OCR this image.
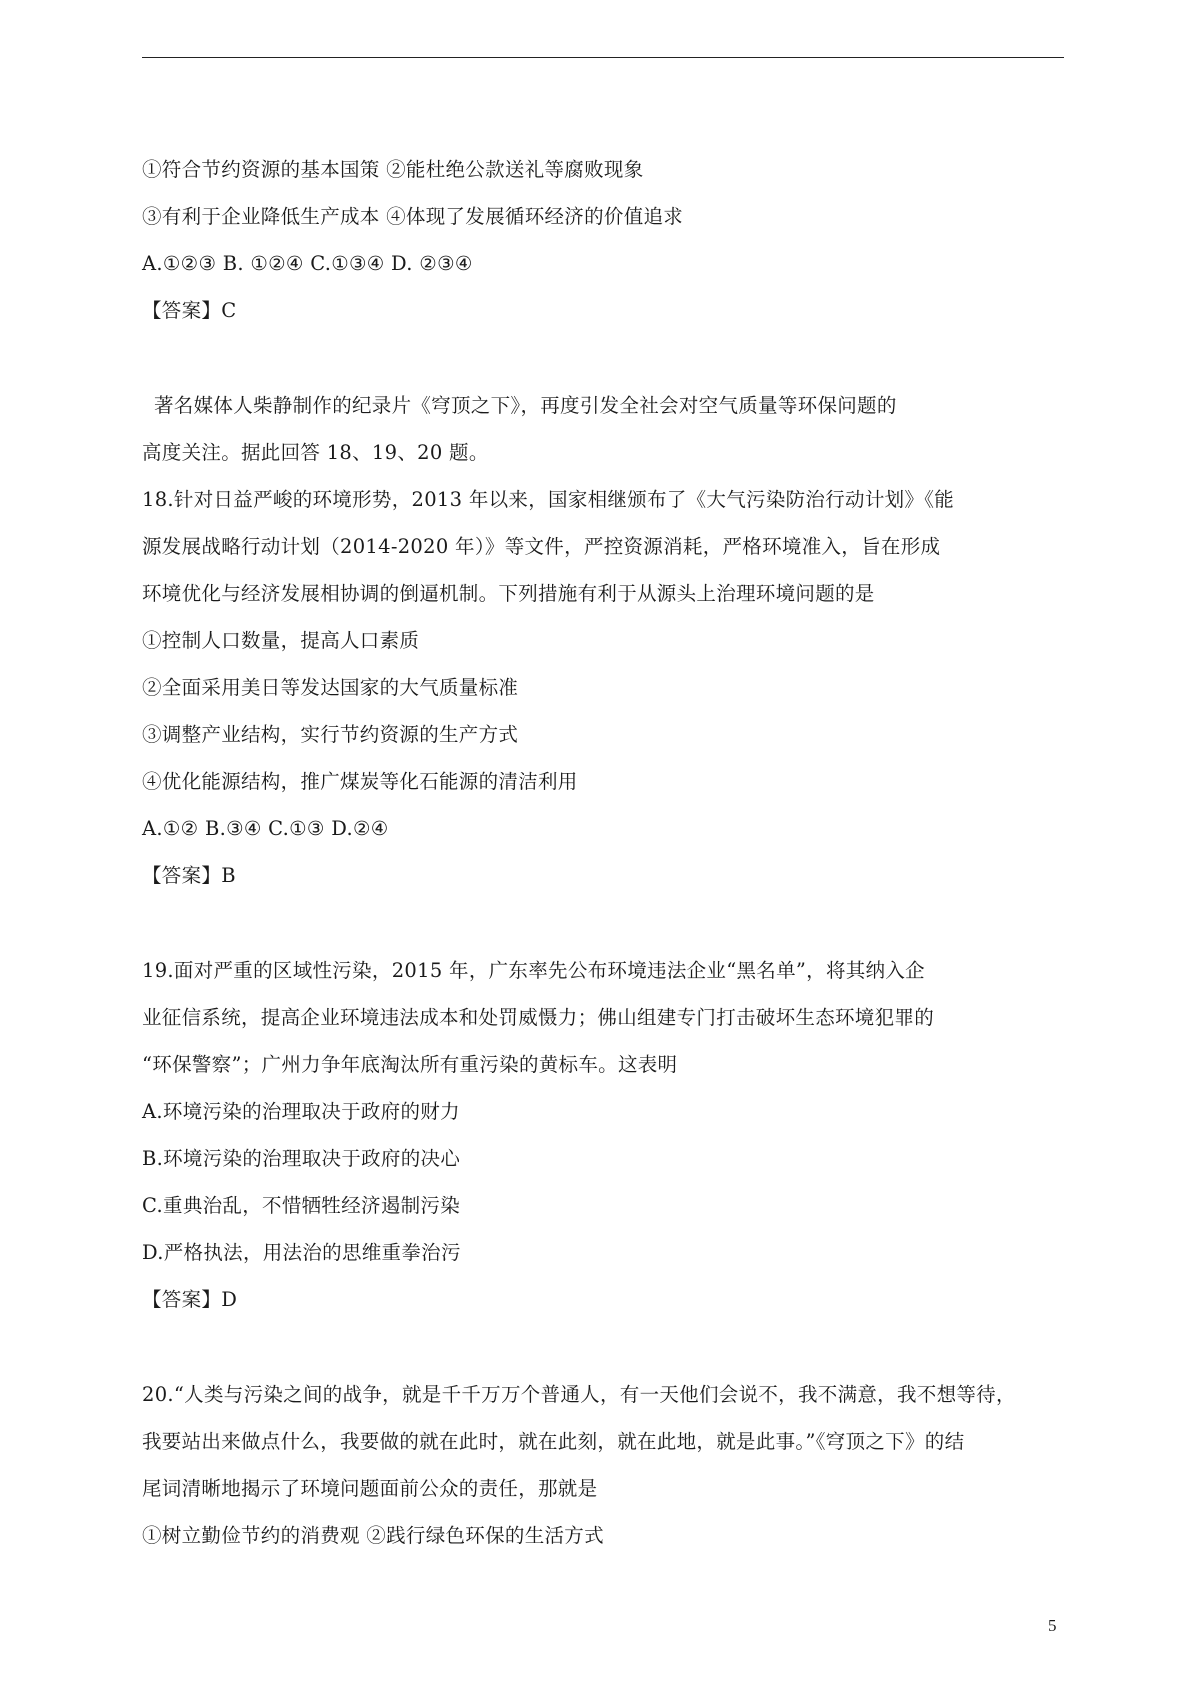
①符合节约资源的基本国策 ②能杜绝公款送礼等腐败现象
③有利于企业降低生产成本 ④体现了发展循环经济的价值追求
A.①②③ B. ①②④ C.①③④ D. ②③④
【答案】C
著名媒体人柴静制作的纪录片《穹顶之下》，再度引发全社会对空气质量等环保问题的
高度关注。据此回答 18、19、20 题。
18.针对日益严峻的环境形势，2013 年以来，国家相继颁布了《大气污染防治行动计划》《能
源发展战略行动计划（2014-2020 年）》等文件，严控资源消耗，严格环境准入，旨在形成
环境优化与经济发展相协调的倒逼机制。下列措施有利于从源头上治理环境问题的是
①控制人口数量，提高人口素质
②全面采用美日等发达国家的大气质量标准
③调整产业结构，实行节约资源的生产方式
④优化能源结构，推广煤炭等化石能源的清洁利用
A.①② B.③④ C.①③ D.②④
【答案】B
19.面对严重的区域性污染，2015 年，广东率先公布环境违法企业“黑名单”，将其纳入企
业征信系统，提高企业环境违法成本和处罚威慑力；佛山组建专门打击破坏生态环境犯罪的
“环保警察”；广州力争年底淘汰所有重污染的黄标车。这表明
A.环境污染的治理取决于政府的财力
B.环境污染的治理取决于政府的决心
C.重典治乱，不惜牺牲经济遏制污染
D.严格执法，用法治的思维重拳治污
【答案】D
20.“人类与污染之间的战争，就是千千万万个普通人，有一天他们会说不，我不满意，我不想等待，
我要站出来做点什么，我要做的就在此时，就在此刻，就在此地，就是此事。”《穹顶之下》的结
尾词清晰地揭示了环境问题面前公众的责任，那就是
①树立勤俭节约的消费观 ②践行绿色环保的生活方式
5
